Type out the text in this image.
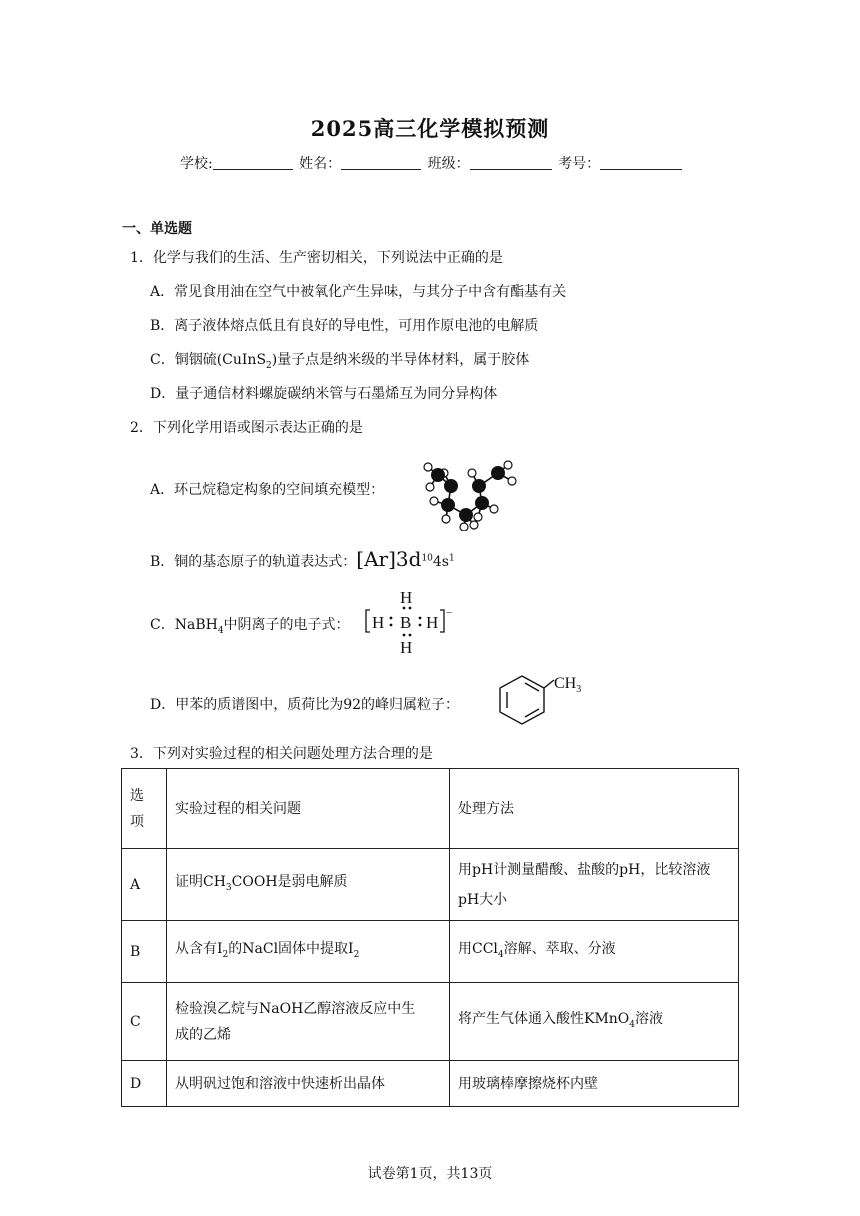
2025高三化学模拟预测
学校:	姓名：	班级：	考号：
一、单选题
1．化学与我们的生活、生产密切相关，下列说法中正确的是
A．常见食用油在空气中被氧化产生异味，与其分子中含有酯基有关
B．离子液体熔点低且有良好的导电性，可用作原电池的电解质
C．铜铟硫(CuInS$_2$)量子点是纳米级的半导体材料，属于胶体
D．量子通信材料螺旋碳纳米管与石墨烯互为同分异构体
2．下列化学用语或图示表达正确的是
A．环己烷稳定构象的空间填充模型：
B．铜的基态原子的轨道表达式：$[Ar]3d^{10}4s^1$
C．NaBH$_4$中阴离子的电子式：
H
H
H B H −
D．甲苯的质谱图中，质荷比为92的峰归属粒子：
$CH_3$
3．下列对实验过程的相关问题处理方法合理的是
选项	实验过程的相关问题	处理方法
A	证明$CH_3COOH$是弱电解质	用pH计测量醋酸、盐酸的pH，比较溶液
pH大小

B	从含有$I_2$的NaCl固体中提取$I_2$	用CCl$_4$溶解、萃取、分液
C	检验溴乙烷与NaOH乙醇溶液反应中生
成的乙烯	将产生气体通入酸性KMnO$_4$溶液
D	从明矾过饱和溶液中快速析出晶体	用玻璃棒摩擦烧杯内壁
试卷第1页，共13页
